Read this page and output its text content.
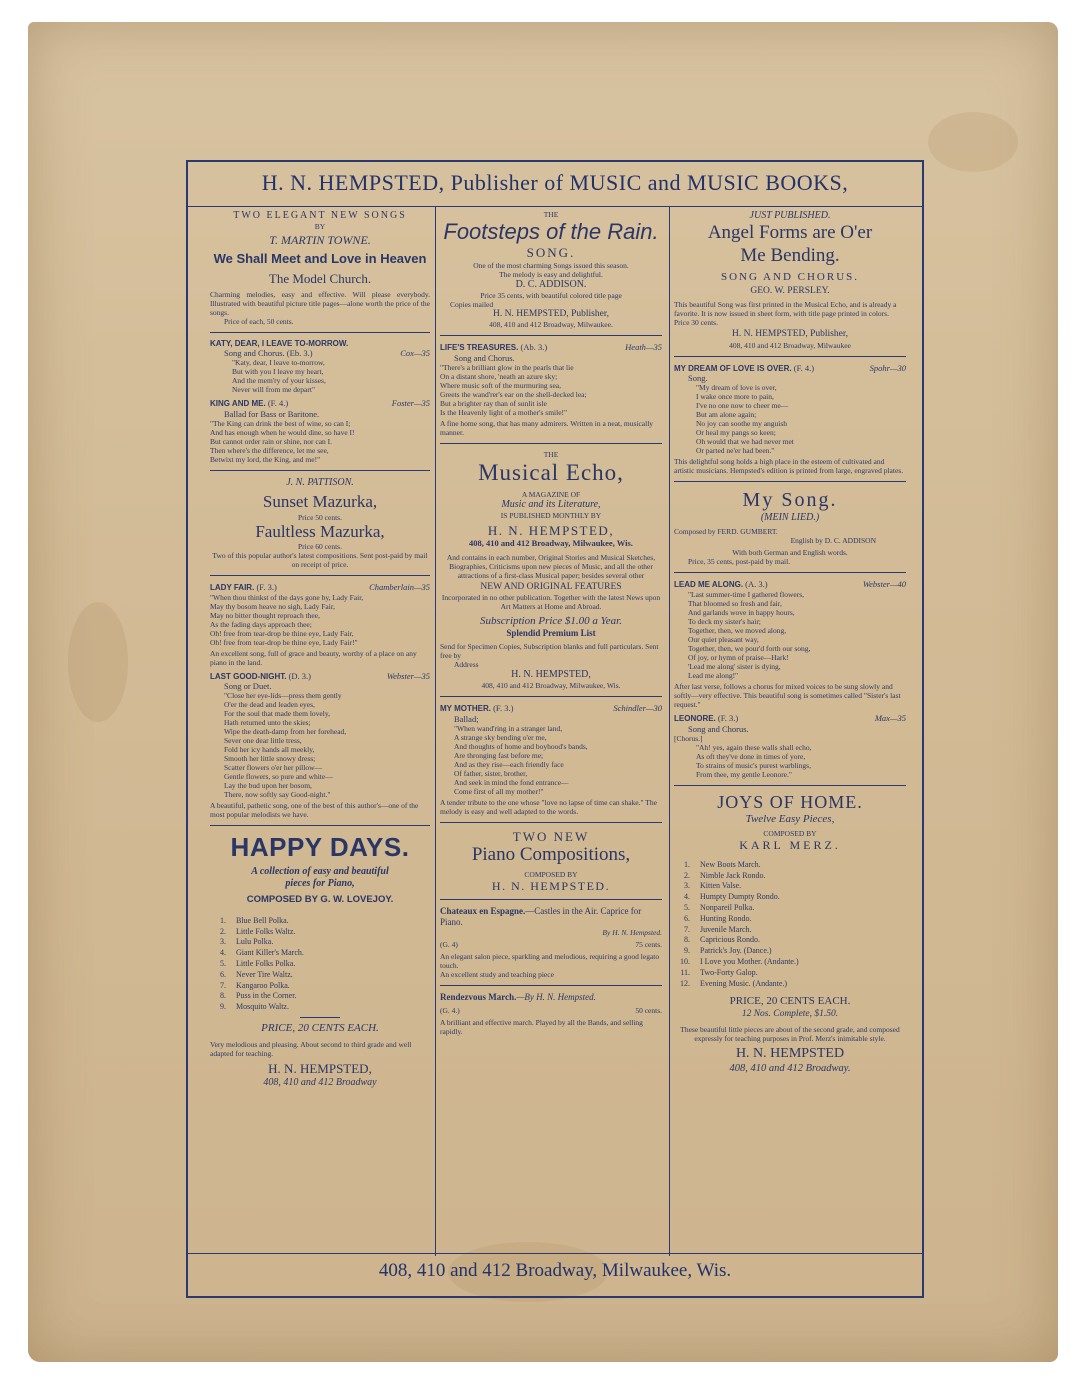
H. N. HEMPSTED, Publisher of MUSIC and MUSIC BOOKS,
TWO ELEGANT NEW SONGS
BY
T. MARTIN TOWNE.
We Shall Meet and Love in Heaven
The Model Church.
Charming melodies, easy and effective. Will please everybody. Illustrated with beautiful picture title pages—alone worth the price of the songs.
Price of each, 50 cents.
KATY, DEAR, I LEAVE TO-MORROW.
Song and Chorus. (Eb. 3.)	Cox—35
"Katy, dear, I leave to-morrow,
But with you I leave my heart,
And the mem'ry of your kisses,
Never will from me depart"
KING AND ME. (F. 4.)	Foster—35
Ballad for Bass or Baritone.
"The King can drink the best of wine, so can I;
And has enough when he would dine, so have I!
But cannot order rain or shine, nor can I.
Then where's the difference, let me see,
Betwixt my lord, the King, and me!"
J. N. PATTISON.
Sunset Mazurka,
Price 50 cents.
Faultless Mazurka,
Price 60 cents.
Two of this popular author's latest compositions. Sent post-paid by mail on receipt of price.
LADY FAIR. (F. 3.)	Chamberlain—35
"When thou thinkst of the days gone by, Lady Fair,
May thy bosom heave no sigh, Lady Fair,
May no bitter thought reproach thee,
As the fading days approach thee;
Oh! free from tear-drop be thine eye, Lady Fair,
Oh! free from tear-drop be thine eye, Lady Fair!"
An excellent song, full of grace and beauty, worthy of a place on any piano in the land.
LAST GOOD-NIGHT. (D. 3.)	Webster—35
Song or Duet.
"Close her eye-lids—press them gently
O'er the dead and leaden eyes,
For the soul that made them lovely,
Hath returned unto the skies;
Wipe the death-damp from her forehead,
Sever one dear little tress,
Fold her icy hands all meekly,
Smooth her little snowy dress;
Scatter flowers o'er her pillow—
Gentle flowers, so pure and white—
Lay the bud upon her bosom,
There, now softly say Good-night."
A beautiful, pathetic song, one of the best of this author's—one of the most popular melodists we have.
HAPPY DAYS.
A collection of easy and beautiful
pieces for Piano,
COMPOSED BY G. W. LOVEJOY.
1. Blue Bell Polka.
2. Little Folks Waltz.
3. Lulu Polka.
4. Giant Killer's March.
5. Little Folks Polka.
6. Never Tire Waltz.
7. Kangaroo Polka.
8. Puss in the Corner.
9. Mosquito Waltz.
PRICE, 20 CENTS EACH.
Very melodious and pleasing. About second to third grade and well adapted for teaching.
H. N. HEMPSTED,
408, 410 and 412 Broadway
THE
Footsteps of the Rain.
SONG.
One of the most charming Songs issued this season.
The melody is easy and delightful.
D. C. ADDISON.
Price 35 cents, with beautiful colored title page
Copies mailed
H. N. HEMPSTED, Publisher,
408, 410 and 412 Broadway, Milwaukee.
LIFE'S TREASURES. (Ab. 3.)	Heath—35
Song and Chorus.
"There's a brilliant glow in the pearls that lie
On a distant shore, 'neath an azure sky;
Where music soft of the murmuring sea,
Greets the wand'rer's ear on the shell-decked lea;
But a brighter ray than of sunlit isle
Is the Heavenly light of a mother's smile!"
A fine home song, that has many admirers. Written in a neat, musically manner.
THE
Musical Echo,
A MAGAZINE OF
Music and its Literature,
IS PUBLISHED MONTHLY BY
H. N. HEMPSTED,
408, 410 and 412 Broadway, Milwaukee, Wis.
And contains in each number, Original Stories and Musical Sketches, Biographies, Criticisms upon new pieces of Music, and all the other attractions of a first-class Musical paper; besides several other
NEW AND ORIGINAL FEATURES
Incorporated in no other publication. Together with the latest News upon Art Matters at Home and Abroad.
Subscription Price $1.00 a Year.
Splendid Premium List
Send for Specimen Copies, Subscription blanks and full particulars. Sent free by
Address
H. N. HEMPSTED,
408, 410 and 412 Broadway, Milwaukee, Wis.
MY MOTHER. (F. 3.)	Schindler—30
Ballad;
"When wand'ring in a stranger land,
A strange sky bending o'er me,
And thoughts of home and boyhood's bands,
Are thronging fast before me;
And as they rise—each friendly face
Of father, sister, brother,
And seek in mind the fond entrance—
Come first of all my mother!"
A tender tribute to the one whose "love no lapse of time can shake." The melody is easy and well adapted to the words.
TWO NEW
Piano Compositions,
COMPOSED BY
H. N. HEMPSTED.
Chateaux en Espagne.—Castles in the Air. Caprice for Piano.
By H. N. Hempsted.
(G. 4)	75 cents.
An elegant salon piece, sparkling and melodious, requiring a good legato touch.
An excellent study and teaching piece
Rendezvous March.—By H. N. Hempsted.
(G. 4.)	50 cents.
A brilliant and effective march. Played by all the Bands, and selling rapidly.
JUST PUBLISHED.
Angel Forms are O'er
Me Bending.
SONG AND CHORUS.
GEO. W. PERSLEY.
This beautiful Song was first printed in the Musical Echo, and is already a favorite. It is now issued in sheet form, with title page printed in colors. Price 30 cents.
H. N. HEMPSTED, Publisher,
408, 410 and 412 Broadway, Milwaukee
MY DREAM OF LOVE IS OVER. (F. 4.)	Spohr—30
Song.
"My dream of love is over,
I wake once more to pain,
I've no one now to cheer me—
But am alone again;
No joy can soothe my anguish
Or heal my pangs so keen;
Oh would that we had never met
Or parted ne'er had been."
This delightful song holds a high place in the esteem of cultivated and artistic musicians. Hempsted's edition is printed from large, engraved plates.
My Song.
(MEIN LIED.)
Composed by FERD. GUMBERT.
English by D. C. ADDISON
With both German and English words.
Price, 35 cents, post-paid by mail.
LEAD ME ALONG. (A. 3.)	Webster—40
"Last summer-time I gathered flowers,
That bloomed so fresh and fair,
And garlands wove in happy hours,
To deck my sister's hair;
Together, then, we moved along,
Our quiet pleasant way,
Together, then, we pour'd forth our song,
Of joy, or hymn of praise—Hark!
'Lead me along' sister is dying,
Lead me along!"
After last verse, follows a chorus for mixed voices to be sung slowly and softly—very effective. This beautiful song is sometimes called "Sister's last request."
LEONORE. (F. 3.)	Max—35
Song and Chorus.
[Chorus.]
"Ah! yes, again these walls shall echo,
As oft they've done in times of yore,
To strains of music's purest warblings,
From thee, my gentle Leonore."
JOYS OF HOME.
Twelve Easy Pieces,
COMPOSED BY
KARL MERZ.
1. New Boots March.
2. Nimble Jack Rondo.
3. Kitten Valse.
4. Humpty Dumpty Rondo.
5. Nonpareil Polka.
6. Hunting Rondo.
7. Juvenile March.
8. Capricious Rondo.
9. Patrick's Joy. (Dance.)
10. I Love you Mother. (Andante.)
11. Two-Forty Galop.
12. Evening Music. (Andante.)
PRICE, 20 CENTS EACH.
12 Nos. Complete, $1.50.
These beautiful little pieces are about of the second grade, and composed expressly for teaching purposes in Prof. Merz's inimitable style.
H. N. HEMPSTED
408, 410 and 412 Broadway.
408, 410 and 412 Broadway, Milwaukee, Wis.
